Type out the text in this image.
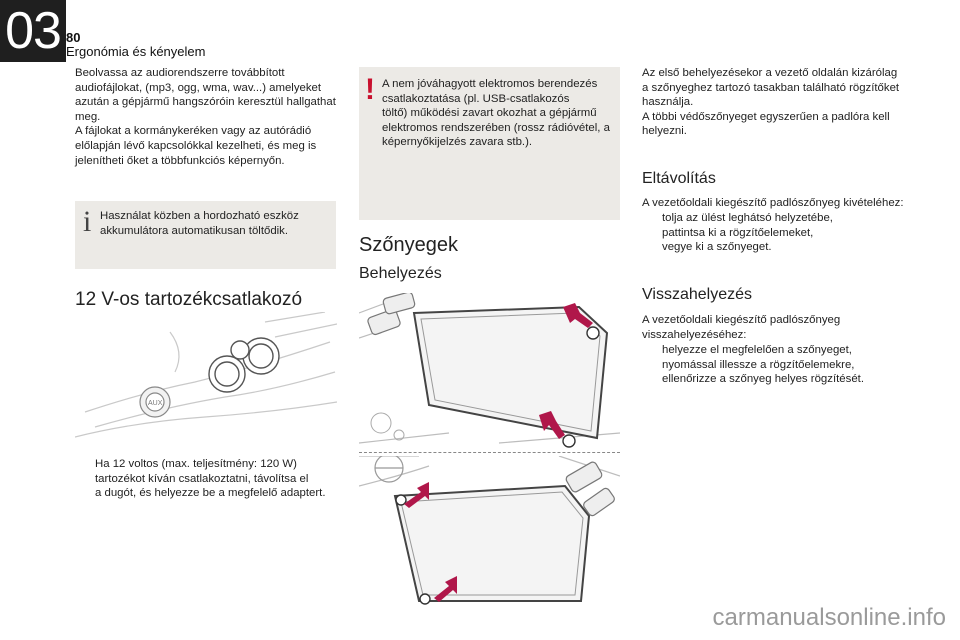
03 80
Ergonómia és kényelem
Beolvassa az audiorendszerre továbbított
audiofájlokat, (mp3, ogg, wma, wav...) amelyeket
azután a gépjármű hangszóróin keresztül hallgathat
meg.
A fájlokat a kormánykeréken vagy az autórádió
előlapján lévő kapcsolókkal kezelheti, és meg is
jelenítheti őket a többfunkciós képernyőn.
i Használat közben a hordozható eszköz
akkumulátora automatikusan töltődik.
12 V-os tartozékcsatlakozó
AUX
Ha 12 voltos (max. teljesítmény: 120 W)
tartozékot kíván csatlakoztatni, távolítsa el
a dugót, és helyezze be a megfelelő adaptert.
! A nem jóváhagyott elektromos berendezés
csatlakoztatása (pl. USB-csatlakozós
töltő) működési zavart okozhat a gépjármű
elektromos rendszerében (rossz rádióvétel, a
képernyőkijelzés zavara stb.).
Szőnyegek
Behelyezés
Az első behelyezésekor a vezető oldalán kizárólag
a szőnyeghez tartozó tasakban található rögzítőket
használja.
A többi védőszőnyeget egyszerűen a padlóra kell
helyezni.
Eltávolítás
A vezetőoldali kiegészítő padlószőnyeg kivételéhez:
tolja az ülést leghátsó helyzetébe,
pattintsa ki a rögzítőelemeket,
vegye ki a szőnyeget.
Visszahelyezés
A vezetőoldali kiegészítő padlószőnyeg
visszahelyezéséhez:
helyezze el megfelelően a szőnyeget,
nyomással illessze a rögzítőelemekre,
ellenőrizze a szőnyeg helyes rögzítését.
carmanualsonline.info
